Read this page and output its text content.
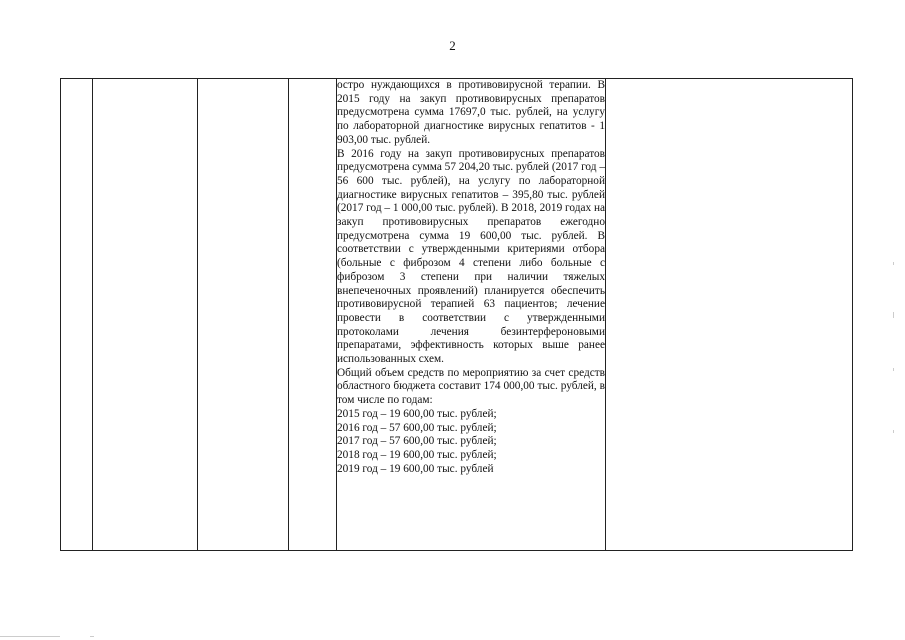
2

остро нуждающихся в противовирусной терапии. В 2015 году на закуп противовирусных препаратов предусмотрена сумма 17697,0 тыс. рублей, на услугу по лабораторной диагностике вирусных гепатитов - 1 903,00 тыс. рублей.

В 2016 году на закуп противовирусных препаратов предусмотрена сумма 57 204,20 тыс. рублей (2017 год – 56 600 тыс. рублей), на услугу по лабораторной диагностике вирусных гепатитов – 395,80 тыс. рублей (2017 год – 1 000,00 тыс. рублей). В 2018, 2019 годах на закуп противовирусных препаратов ежегодно предусмотрена сумма 19 600,00 тыс. рублей. В соответствии с утвержденными критериями отбора (больные с фиброзом 4 степени либо больные с фиброзом 3 степени при наличии тяжелых внепеченочных проявлений) планируется обеспечить противовирусной терапией 63 пациентов; лечение провести в соответствии с утвержденными протоколами лечения безинтерфероновыми препаратами, эффективность которых выше ранее использованных схем.

Общий объем средств по мероприятию за счет средств областного бюджета составит 174 000,00 тыс. рублей, в том числе по годам:

2015 год – 19 600,00 тыс. рублей;

2016 год – 57 600,00 тыс. рублей;

2017 год – 57 600,00 тыс. рублей;

2018 год – 19 600,00 тыс. рублей;

2019 год – 19 600,00 тыс. рублей
